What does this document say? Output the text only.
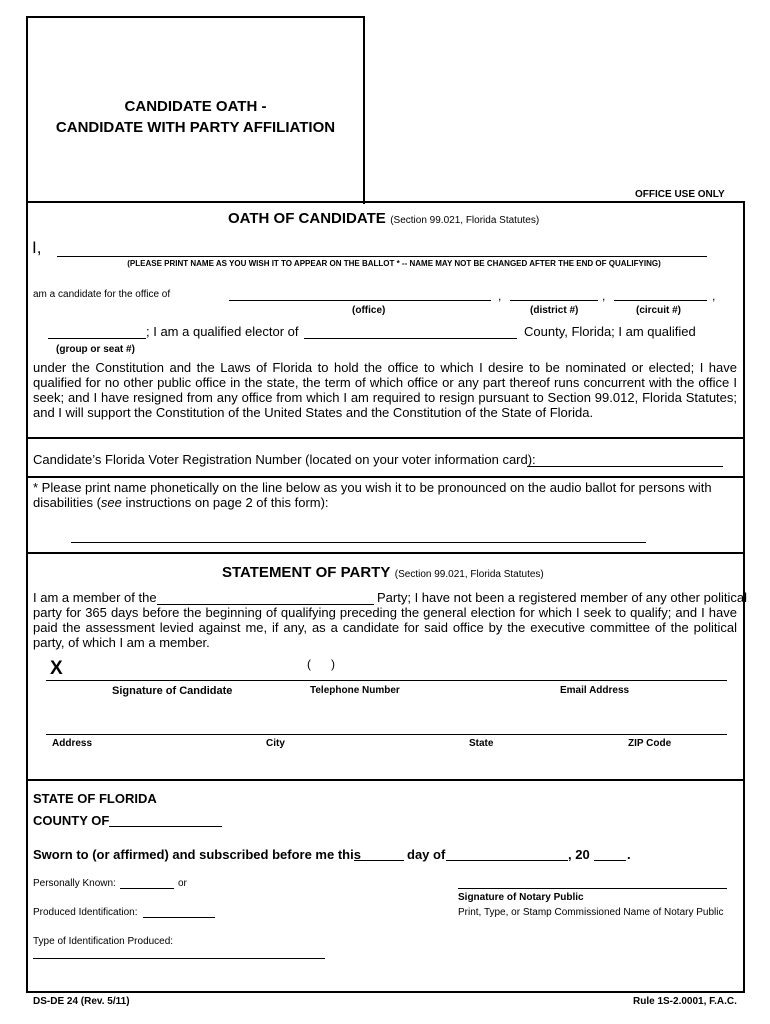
CANDIDATE OATH -
CANDIDATE WITH PARTY AFFILIATION
OFFICE USE ONLY
OATH OF CANDIDATE (Section 99.021, Florida Statutes)
I,
(PLEASE PRINT NAME AS YOU WISH IT TO APPEAR ON THE BALLOT * -- NAME MAY NOT BE CHANGED AFTER THE END OF QUALIFYING)
am a candidate for the office of	,	,	,
(office)	(district #)	(circuit #)
; I am a qualified elector of	County, Florida; I am qualified
(group or seat #)
under the Constitution and the Laws of Florida to hold the office to which I desire to be nominated or elected; I have qualified for no other public office in the state, the term of which office or any part thereof runs concurrent with the office I seek; and I have resigned from any office from which I am required to resign pursuant to Section 99.012, Florida Statutes; and I will support the Constitution of the United States and the Constitution of the State of Florida.
Candidate’s Florida Voter Registration Number (located on your voter information card):
* Please print name phonetically on the line below as you wish it to be pronounced on the audio ballot for persons with
disabilities (see instructions on page 2 of this form):
STATEMENT OF PARTY (Section 99.021, Florida Statutes)
I am a member of the	Party; I have not been a registered member of any other political
party for 365 days before the beginning of qualifying preceding the general election for which I seek to qualify; and I have paid the assessment levied against me, if any, as a candidate for said office by the executive committee of the political party, of which I am a member.
X	(      )
Signature of Candidate	Telephone Number	Email Address
Address	City	State	ZIP Code
STATE OF FLORIDA
COUNTY OF
Sworn to (or affirmed) and subscribed before me this	day of	, 20	.
Personally Known:	or
Signature of Notary Public
Print, Type, or Stamp Commissioned Name of Notary Public
Produced Identification:
Type of Identification Produced:
DS-DE 24 (Rev. 5/11)	Rule 1S-2.0001, F.A.C.
